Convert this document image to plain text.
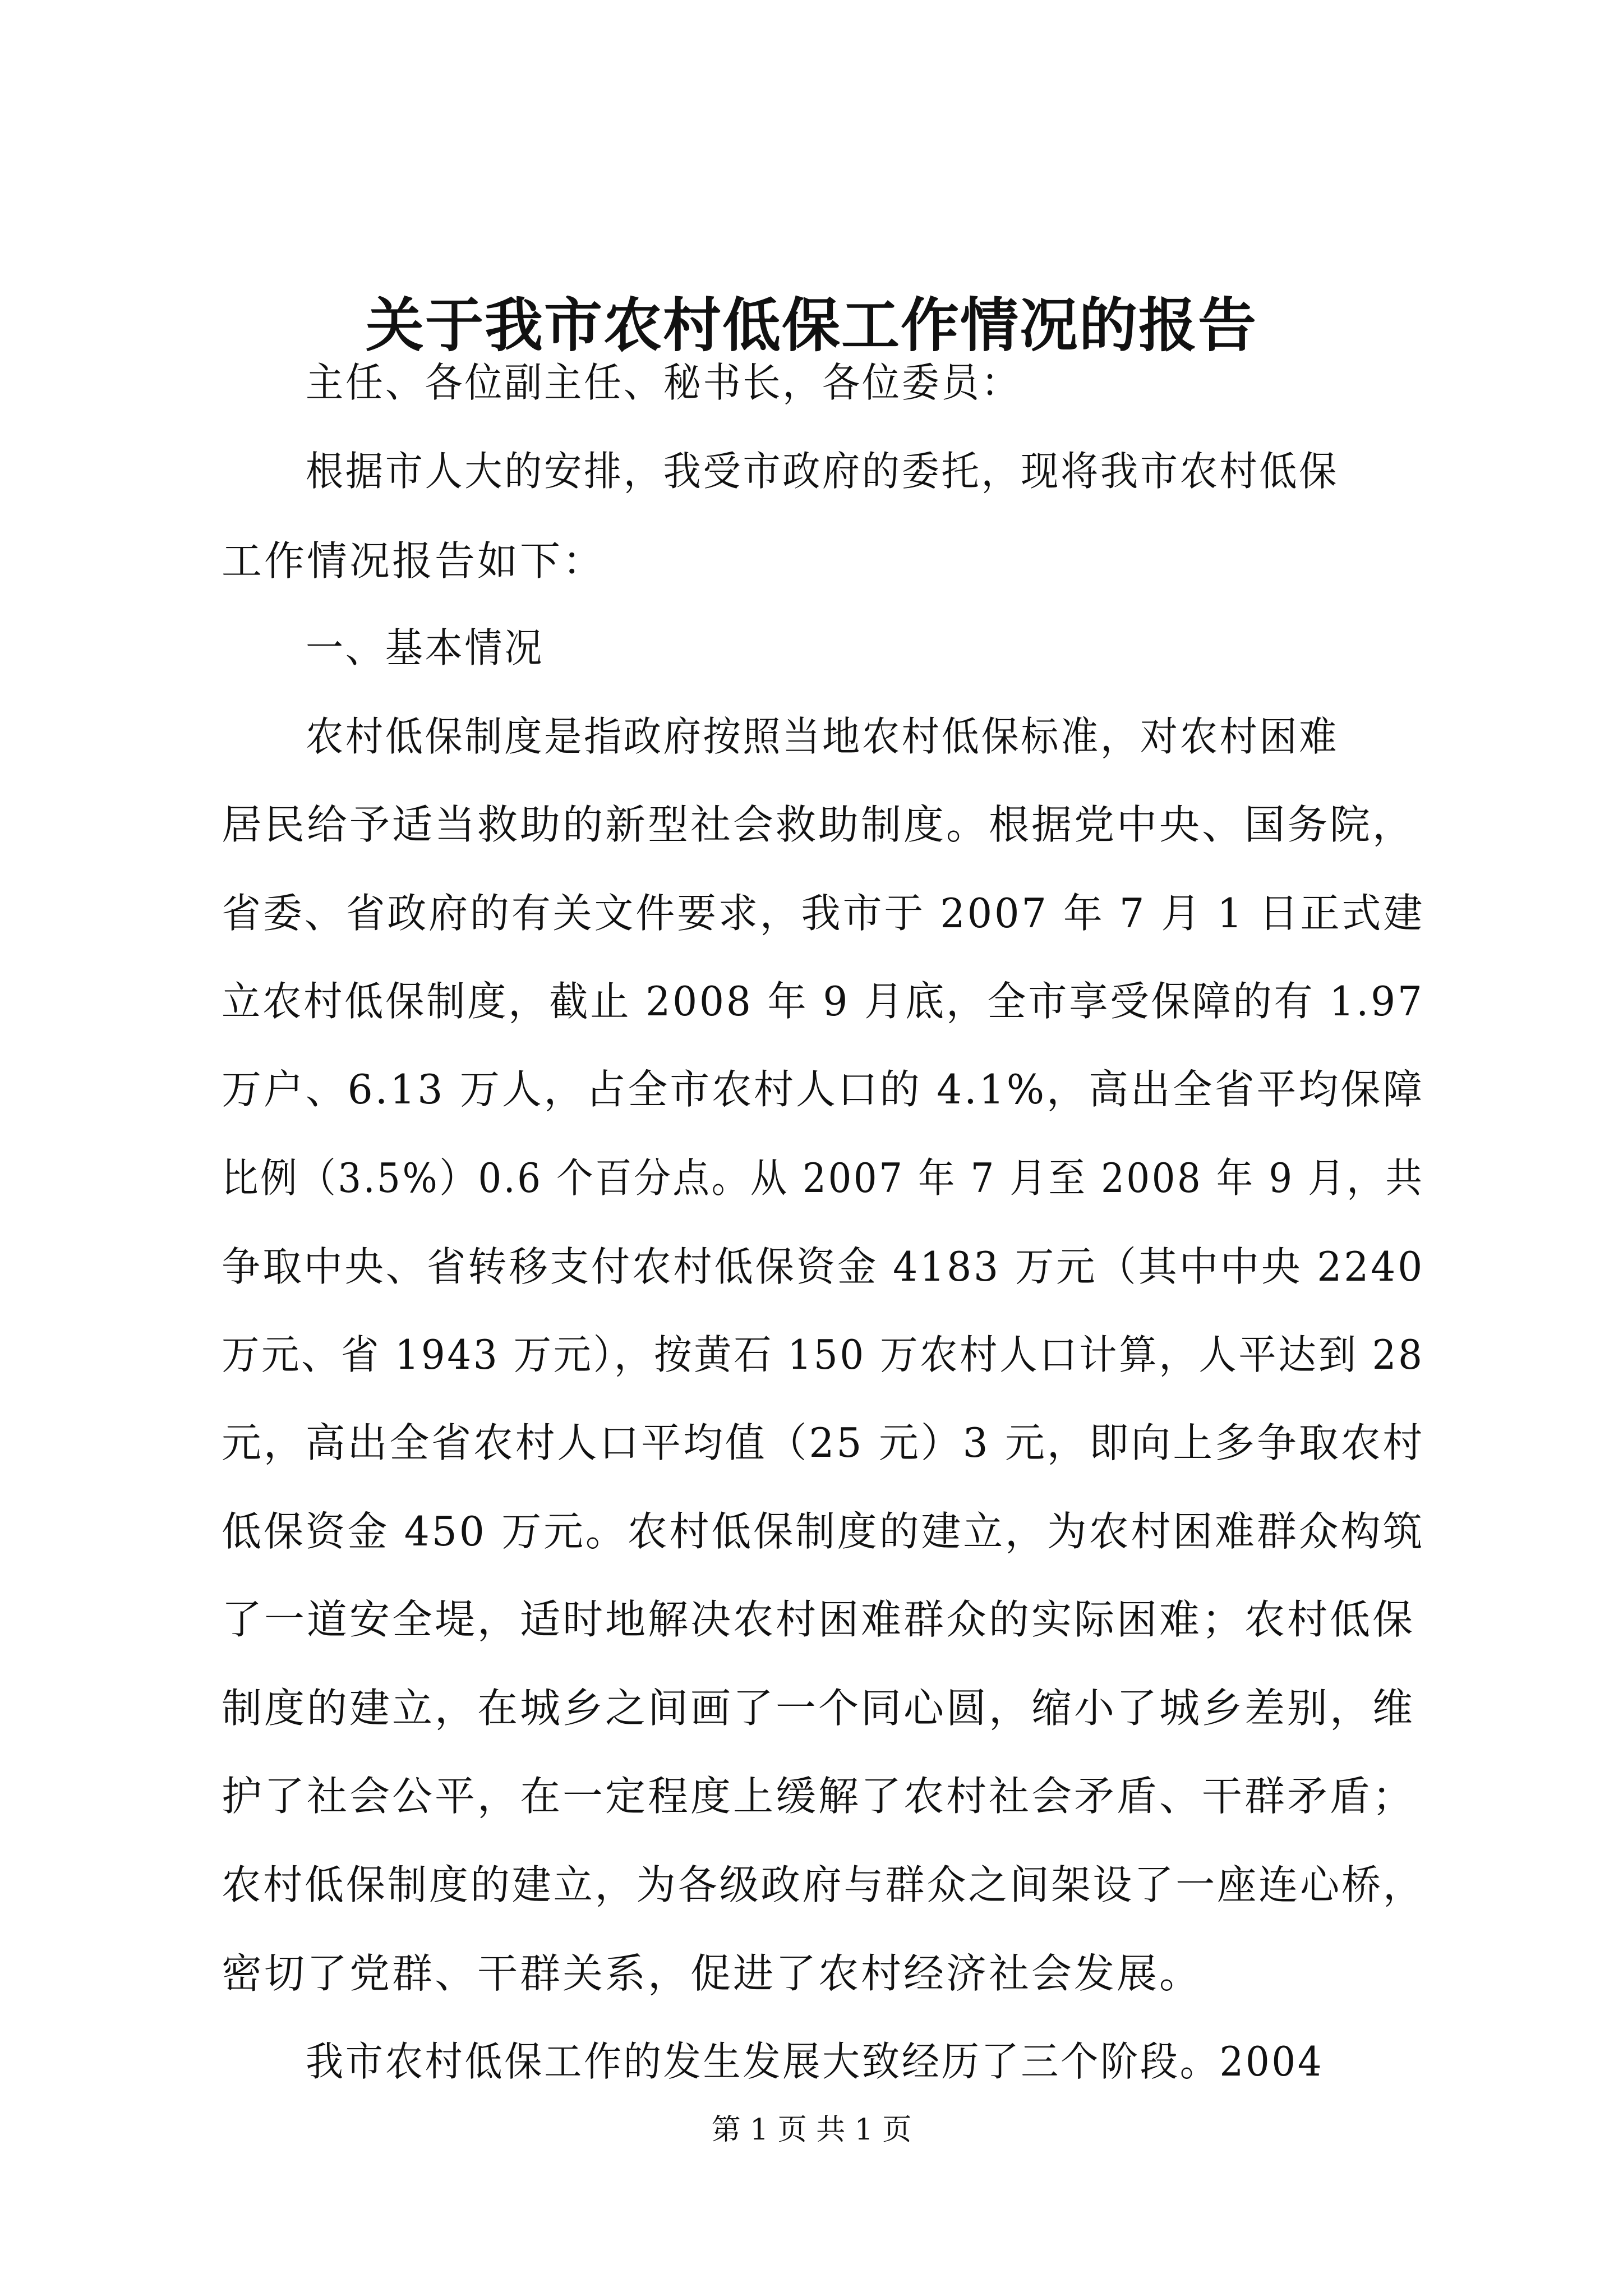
关于我市农村低保工作情况的报告
主任、各位副主任、秘书长，各位委员：
根据市人大的安排，我受市政府的委托，现将我市农村低保
工作情况报告如下：
一、基本情况
农村低保制度是指政府按照当地农村低保标准，对农村困难
居民给予适当救助的新型社会救助制度。根据党中央、国务院，
省委、省政府的有关文件要求，我市于 2007 年 7 月 1 日正式建
立农村低保制度，截止 2008 年 9 月底，全市享受保障的有 1.97
万户、6.13 万人，占全市农村人口的 4.1%，高出全省平均保障
比例（3.5%）0.6 个百分点。从 2007 年 7 月至 2008 年 9 月，共
争取中央、省转移支付农村低保资金 4183 万元（其中中央 2240
万元、省 1943 万元），按黄石 150 万农村人口计算，人平达到 28
元，高出全省农村人口平均值（25 元）3 元，即向上多争取农村
低保资金 450 万元。农村低保制度的建立，为农村困难群众构筑
了一道安全堤，适时地解决农村困难群众的实际困难；农村低保
制度的建立，在城乡之间画了一个同心圆，缩小了城乡差别，维
护了社会公平，在一定程度上缓解了农村社会矛盾、干群矛盾；
农村低保制度的建立，为各级政府与群众之间架设了一座连心桥，
密切了党群、干群关系，促进了农村经济社会发展。
我市农村低保工作的发生发展大致经历了三个阶段。2004
第 1 页 共 1 页
